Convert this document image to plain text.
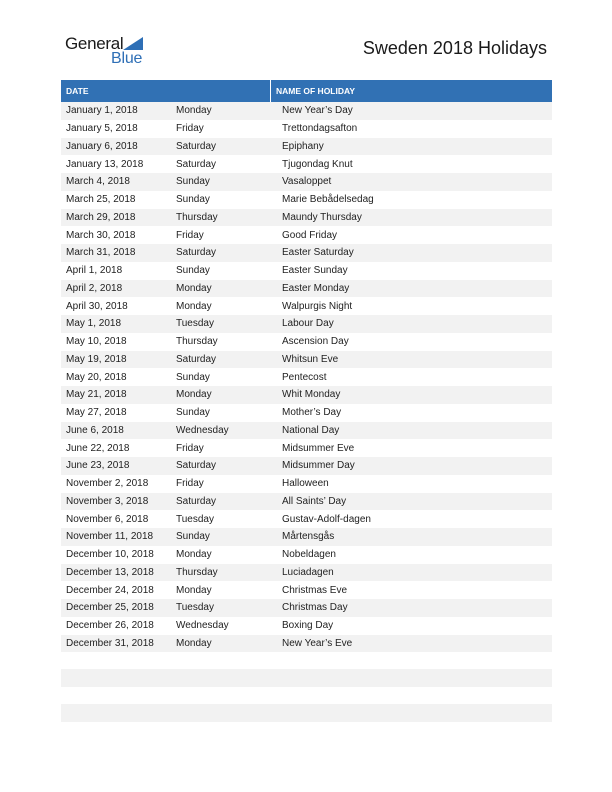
General
Blue
Sweden 2018 Holidays
DATE	NAME OF HOLIDAY
January 1, 2018	Monday	New Year’s Day
January 5, 2018	Friday	Trettondagsafton
January 6, 2018	Saturday	Epiphany
January 13, 2018	Saturday	Tjugondag Knut
March 4, 2018	Sunday	Vasaloppet
March 25, 2018	Sunday	Marie Bebådelsedag
March 29, 2018	Thursday	Maundy Thursday
March 30, 2018	Friday	Good Friday
March 31, 2018	Saturday	Easter Saturday
April 1, 2018	Sunday	Easter Sunday
April 2, 2018	Monday	Easter Monday
April 30, 2018	Monday	Walpurgis Night
May 1, 2018	Tuesday	Labour Day
May 10, 2018	Thursday	Ascension Day
May 19, 2018	Saturday	Whitsun Eve
May 20, 2018	Sunday	Pentecost
May 21, 2018	Monday	Whit Monday
May 27, 2018	Sunday	Mother’s Day
June 6, 2018	Wednesday	National Day
June 22, 2018	Friday	Midsummer Eve
June 23, 2018	Saturday	Midsummer Day
November 2, 2018	Friday	Halloween
November 3, 2018	Saturday	All Saints’ Day
November 6, 2018	Tuesday	Gustav-Adolf-dagen
November 11, 2018	Sunday	Mårtensgås
December 10, 2018	Monday	Nobeldagen
December 13, 2018	Thursday	Luciadagen
December 24, 2018	Monday	Christmas Eve
December 25, 2018	Tuesday	Christmas Day
December 26, 2018	Wednesday	Boxing Day
December 31, 2018	Monday	New Year’s Eve
